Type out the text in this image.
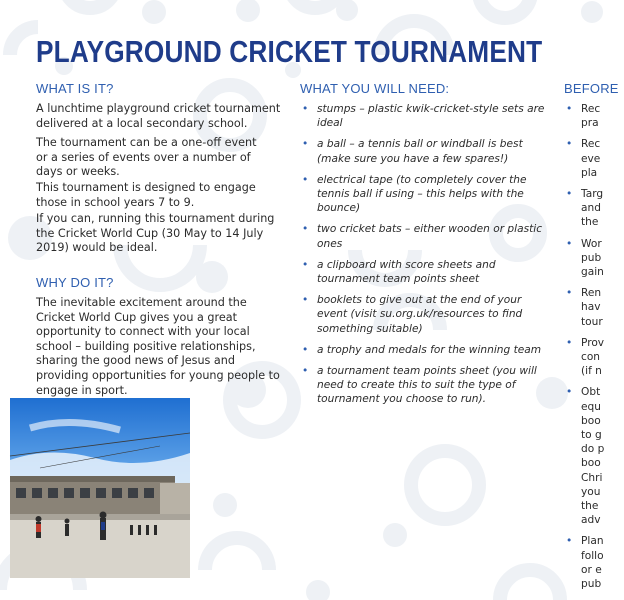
PLAYGROUND CRICKET TOURNAMENT
WHAT IS IT?

A lunchtime playground cricket tournament delivered at a local secondary school.

The tournament can be a one-off event or a series of events over a number of days or weeks.

This tournament is designed to engage those in school years 7 to 9.

If you can, running this tournament during the Cricket World Cup (30 May to 14 July 2019) would be ideal.

WHY DO IT?

The inevitable excitement around the Cricket World Cup gives you a great opportunity to connect with your local school – building positive relationships, sharing the good news of Jesus and providing opportunities for young people to engage in sport.

WHAT YOU WILL NEED:
• stumps – plastic kwik-cricket-style sets are ideal
• a ball – a tennis ball or windball is best (make sure you have a few spares!)
• electrical tape (to completely cover the tennis ball if using – this helps with the bounce)
• two cricket bats – either wooden or plastic ones
• a clipboard with score sheets and tournament team points sheet
• booklets to give out at the end of your event (visit su.org.uk/resources to find something suitable)
• a trophy and medals for the winning team
• a tournament team points sheet (you will need to create this to suit the type of tournament you choose to run).
BEFORE
• Rec
pra
• Rec
eve
pla
• Targ
and
the
• Wor
pub
gain
• Ren
hav
tour
• Prov
con
(if n
• Obt
equ
boo
to g
do p
boo
Chri
you
the
adv
• Plan
follo
or e
pub
